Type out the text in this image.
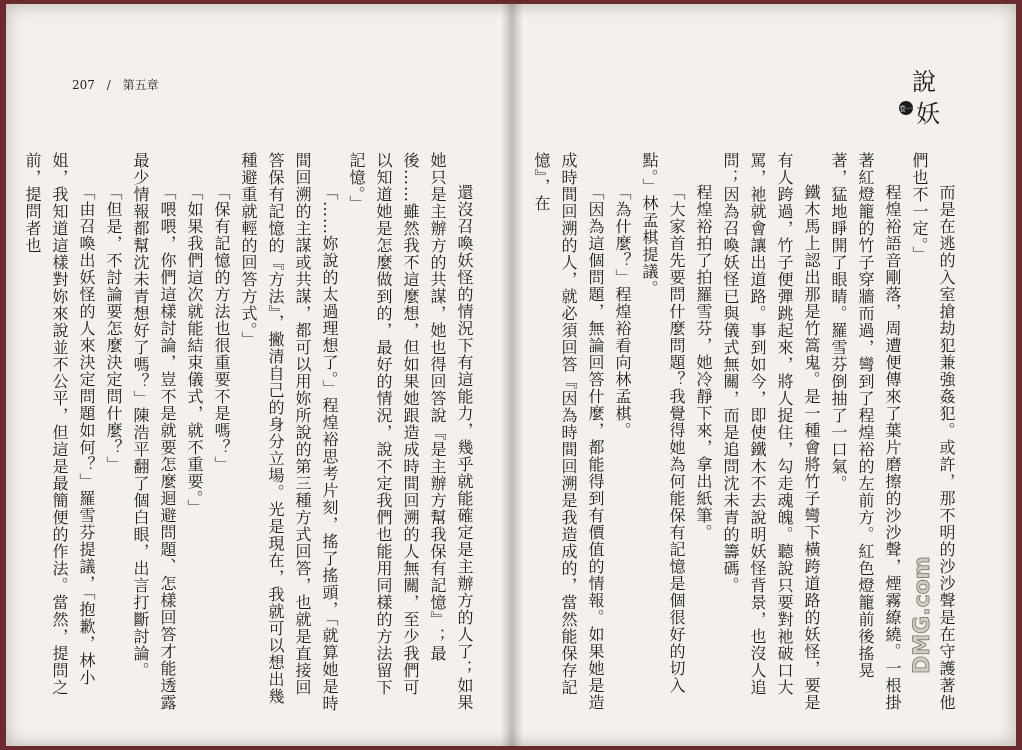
207 / 第五章

還沒召喚妖怪的情況下有這能力，幾乎就能確定是主辦方的人了；如果她只是主辦方的共謀，她也得回答說『是主辦方幫我保有記憶』；最後……雖然我不這麼想，但如果她跟造成時間回溯的人無關，至少我們可以知道她是怎麼做到的，最好的情況，說不定我們也能用同樣的方法留下記憶。」

「……妳說的太過理想了。」程煌裕思考片刻，搖了搖頭，「就算她是時間回溯的主謀或共謀，都可以用妳所說的第三種方式回答，也就是直接回答保有記憶的『方法』，撇清自己的身分立場。光是現在，我就可以想出幾種避重就輕的回答方式。」

「保有記憶的方法也很重要不是嗎？」

「如果我們這次就能結束儀式，就不重要。」

「喂喂，你們這樣討論，豈不是就要怎麼迴避問題、怎樣回答才能透露最少情報都幫沈未青想好了嗎？」陳浩平翻了個白眼，出言打斷討論。

「但是，不討論要怎麼決定問什麼？」

「由召喚出妖怪的人來決定問題如何？」羅雪芬提議，「抱歉，林小姐，我知道這樣對妳來說並不公平，但這是最簡便的作法。當然，提問之前，提問者也

說
妖
卷一

而是在逃的入室搶劫犯兼強姦犯。或許，那不明的沙沙聲是在守護著他們也不一定。」

程煌裕語音剛落，周遭便傳來了葉片磨擦的沙沙聲，煙霧繚繞。一根掛著紅燈籠的竹子穿牆而過，彎到了程煌裕的左前方。紅色燈籠前後搖晃著，猛地睜開了眼睛。羅雪芬倒抽了一口氣。

鐵木馬上認出那是竹篙鬼。是一種會將竹子彎下橫跨道路的妖怪，要是有人跨過，竹子便彈跳起來，將人捉住，勾走魂魄。聽說只要對祂破口大罵，祂就會讓出道路。事到如今，即使鐵木不去說明妖怪背景，也沒人追問；因為召喚妖怪已與儀式無關，而是追問沈未青的籌碼。

程煌裕拍了拍羅雪芬，她冷靜下來，拿出紙筆。

「大家首先要問什麼問題？我覺得她為何能保有記憶是個很好的切入點。」林孟棋提議。

「為什麼？」程煌裕看向林孟棋。

「因為這個問題，無論回答什麼，都能得到有價值的情報。如果她是造成時間回溯的人，就必須回答『因為時間回溯是我造成的，當然能保存記憶』，在

DMG.com
